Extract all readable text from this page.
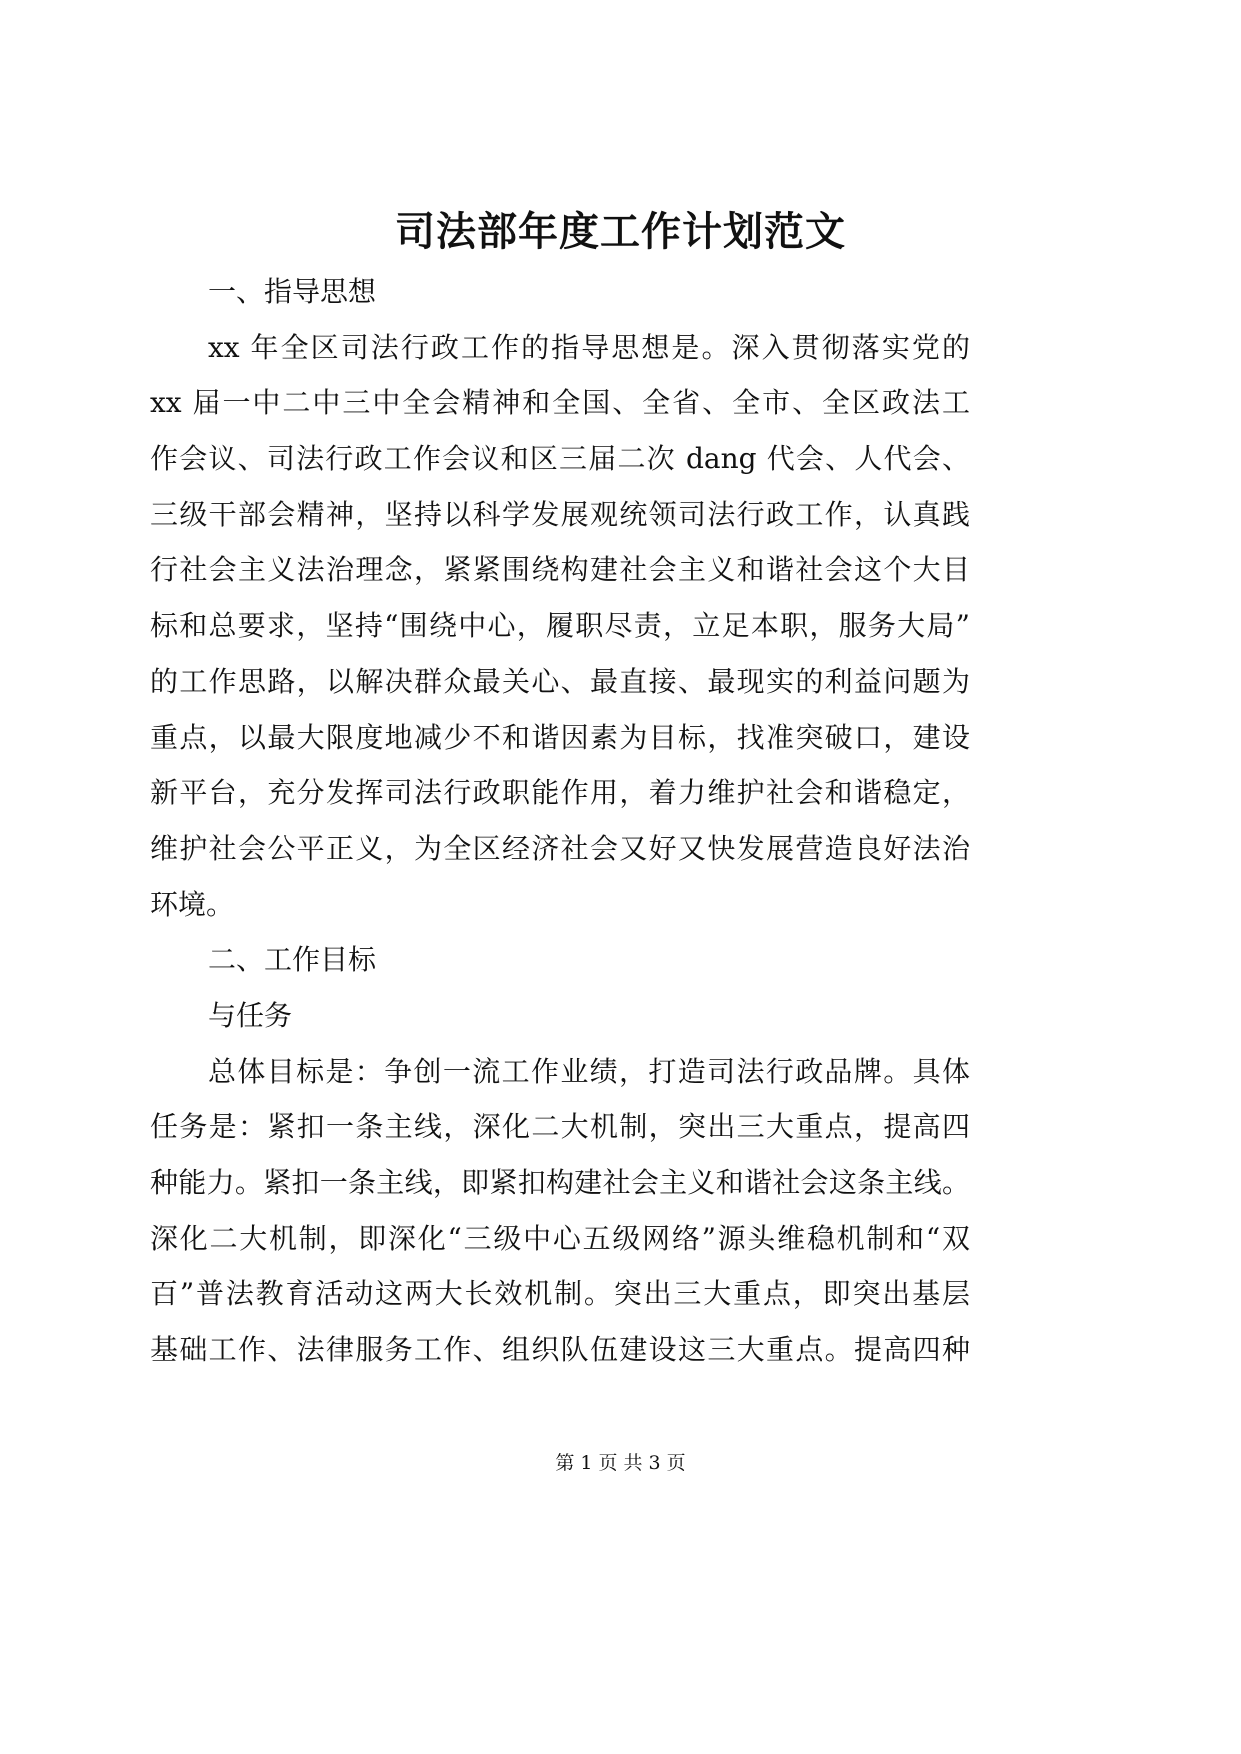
司法部年度工作计划范文
一、指导思想
xx 年全区司法行政工作的指导思想是。深入贯彻落实党的
xx 届一中二中三中全会精神和全国、全省、全市、全区政法工
作会议、司法行政工作会议和区三届二次 dang 代会、人代会、
三级干部会精神，坚持以科学发展观统领司法行政工作，认真践
行社会主义法治理念，紧紧围绕构建社会主义和谐社会这个大目
标和总要求，坚持“围绕中心，履职尽责，立足本职，服务大局”
的工作思路，以解决群众最关心、最直接、最现实的利益问题为
重点，以最大限度地减少不和谐因素为目标，找准突破口，建设
新平台，充分发挥司法行政职能作用，着力维护社会和谐稳定，
维护社会公平正义，为全区经济社会又好又快发展营造良好法治
环境。
二、工作目标
与任务
总体目标是：争创一流工作业绩，打造司法行政品牌。具体
任务是：紧扣一条主线，深化二大机制，突出三大重点，提高四
种能力。紧扣一条主线，即紧扣构建社会主义和谐社会这条主线。
深化二大机制，即深化“三级中心五级网络”源头维稳机制和“双
百”普法教育活动这两大长效机制。突出三大重点，即突出基层
基础工作、法律服务工作、组织队伍建设这三大重点。提高四种
第 1 页 共 3 页
